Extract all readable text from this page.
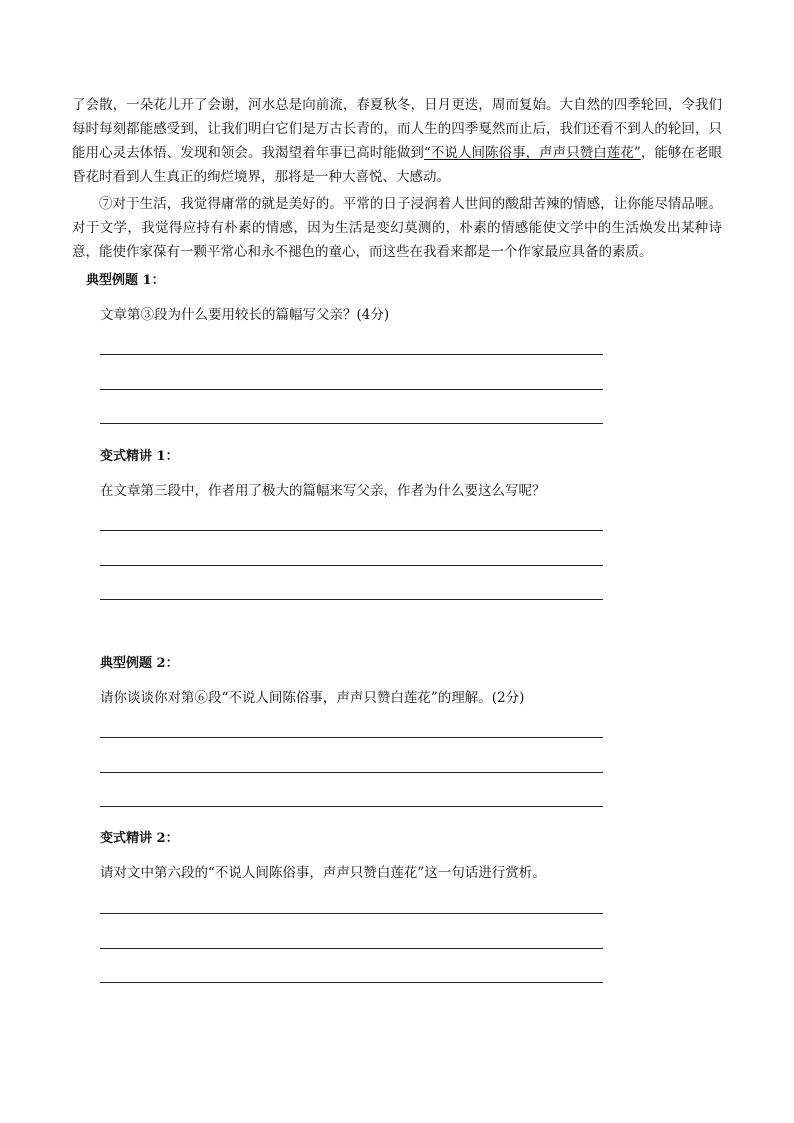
了会散，一朵花儿开了会谢，河水总是向前流，春夏秋冬，日月更迭，周而复始。大自然的四季轮回，令我们每时每刻都能感受到，让我们明白它们是万古长青的，而人生的四季戛然而止后，我们还看不到人的轮回，只能用心灵去体悟、发现和领会。我渴望着年事已高时能做到“不说人间陈俗事，声声只赞白莲花”，能够在老眼昏花时看到人生真正的绚烂境界，那将是一种大喜悦、大感动。

⑦对于生活，我觉得庸常的就是美好的。平常的日子浸润着人世间的酸甜苦辣的情感，让你能尽情品咂。对于文学，我觉得应持有朴素的情感，因为生活是变幻莫测的，朴素的情感能使文学中的生活焕发出某种诗意，能使作家葆有一颗平常心和永不褪色的童心，而这些在我看来都是一个作家最应具备的素质。

典型例题 1：

文章第③段为什么要用较长的篇幅写父亲？(4分)

变式精讲 1：

在文章第三段中，作者用了极大的篇幅来写父亲，作者为什么要这么写呢？

典型例题 2：

请你谈谈你对第⑥段“不说人间陈俗事，声声只赞白莲花”的理解。(2分)

变式精讲 2：

请对文中第六段的“不说人间陈俗事，声声只赞白莲花”这一句话进行赏析。
